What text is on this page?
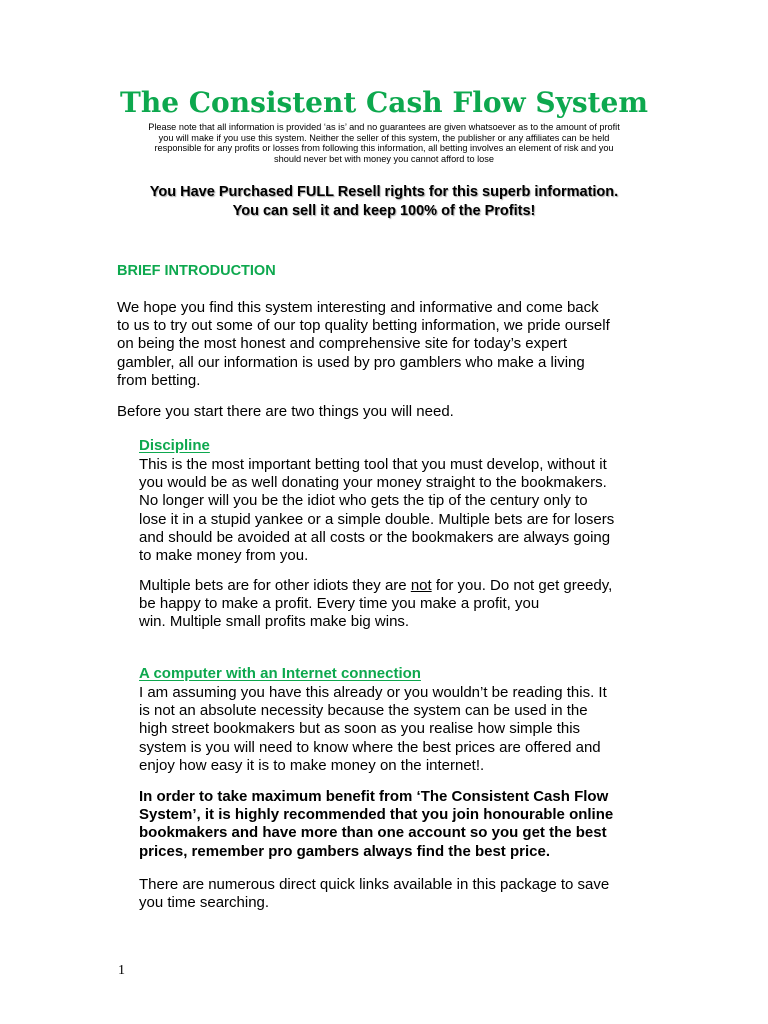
The Consistent Cash Flow System

Please note that all information is provided ‘as is’ and no guarantees are given whatsoever as to the amount of profit
you will make if you use this system. Neither the seller of this system, the publisher or any affiliates can be held
responsible for any profits or losses from following this information, all betting involves an element of risk and you
should never bet with money you cannot afford to lose

You Have Purchased FULL Resell rights for this superb information.
You can sell it and keep 100% of the Profits!

BRIEF INTRODUCTION

We hope you find this system interesting and informative and come back
to us to try out some of our top quality betting information, we pride ourself
on being the most honest and comprehensive site for today’s expert
gambler, all our information is used by pro gamblers who make a living
from betting.

Before you start there are two things you will need.

Discipline

This is the most important betting tool that you must develop, without it
you would be as well donating your money straight to the bookmakers.
No longer will you be the idiot who gets the tip of the century only to
lose it in a stupid yankee or a simple double. Multiple bets are for losers
and should be avoided at all costs or the bookmakers are always going
to make money from you.

Multiple bets are for other idiots they are not for you. Do not get greedy,
be happy to make a profit. Every time you make a profit, you
win. Multiple small profits make big wins.

A computer with an Internet connection

I am assuming you have this already or you wouldn’t be reading this. It
is not an absolute necessity because the system can be used in the
high street bookmakers but as soon as you realise how simple this
system is you will need to know where the best prices are offered and
enjoy how easy it is to make money on the internet!.

In order to take maximum benefit from ‘The Consistent Cash Flow
System’, it is highly recommended that you join honourable online
bookmakers and have more than one account so you get the best
prices, remember pro gambers always find the best price.

There are numerous direct quick links available in this package to save
you time searching.

1
